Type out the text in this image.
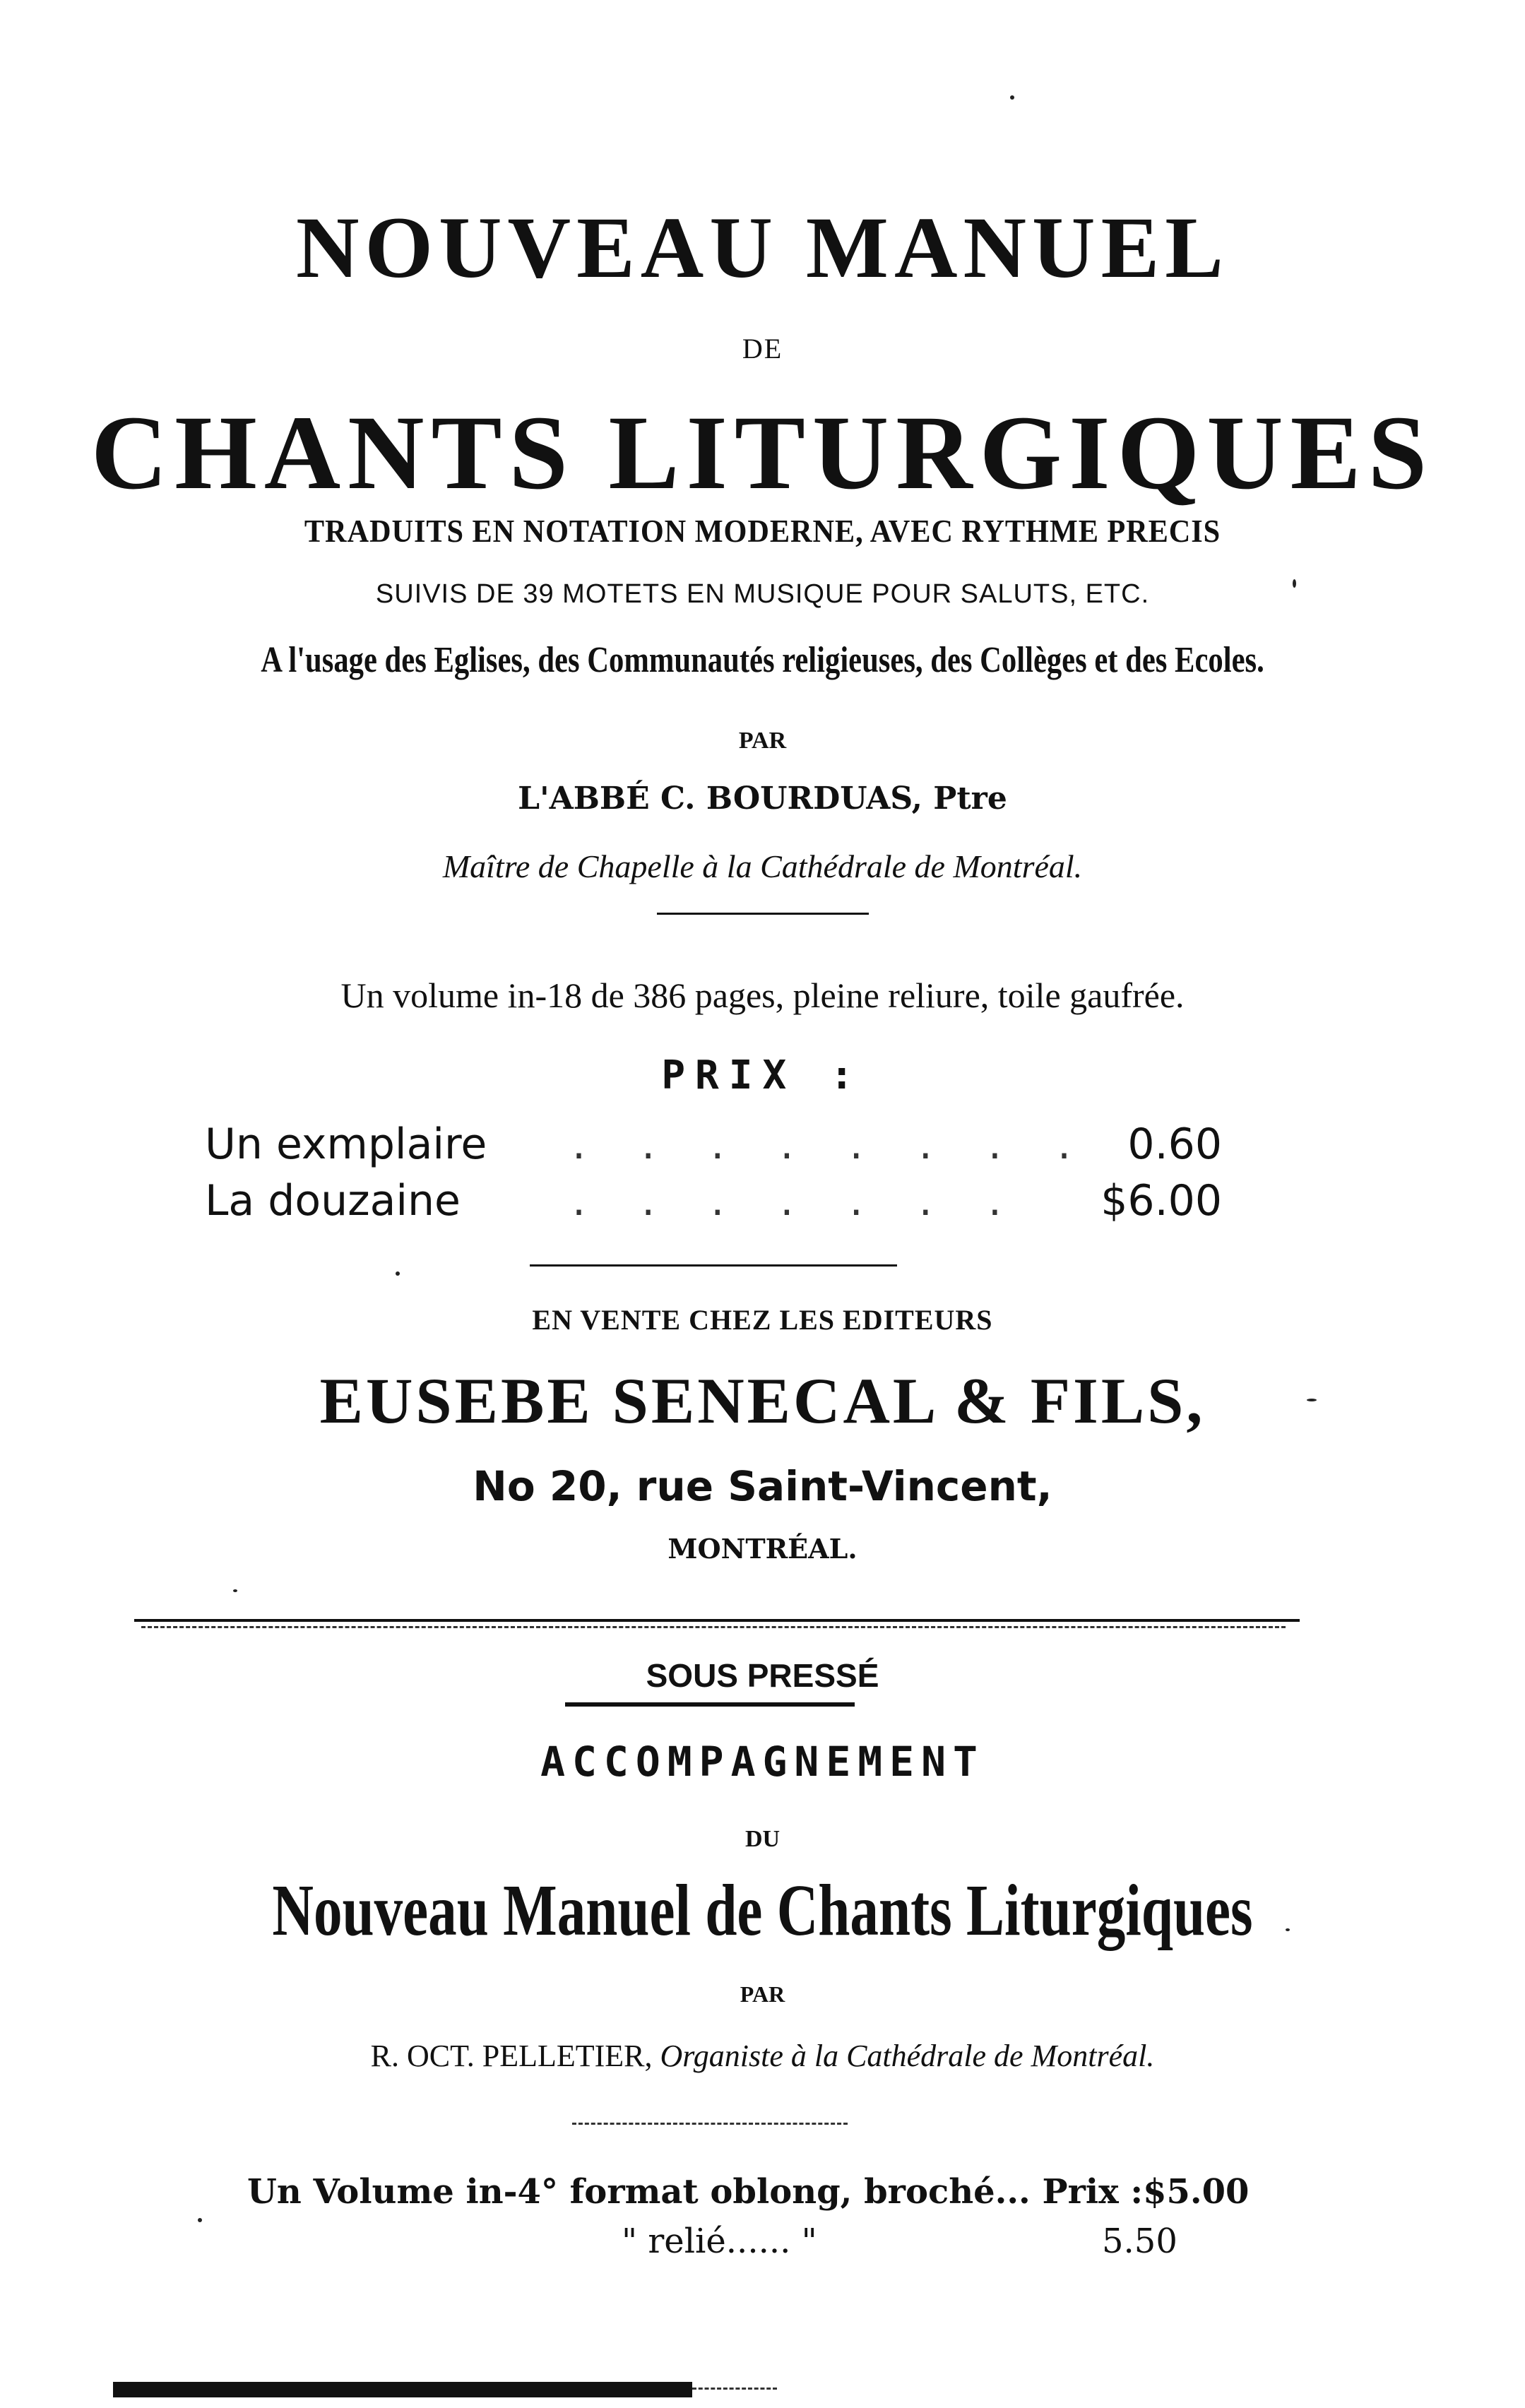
NOUVEAU MANUEL
DE
CHANTS LITURGIQUES
TRADUITS EN NOTATION MODERNE, AVEC RYTHME PRECIS
SUIVIS DE 39 MOTETS EN MUSIQUE POUR SALUTS, ETC.
A l'usage des Eglises, des Communautés religieuses, des Collèges et des Ecoles.
PAR
L'ABBÉ C. BOURDUAS, Ptre
Maître de Chapelle à la Cathédrale de Montréal.
Un volume in-18 de 386 pages, pleine reliure, toile gaufrée.
PRIX :
Un exmplaire . . . . . . . . 0.60
La douzaine	. . . . . . . $6.00
EN VENTE CHEZ LES EDITEURS
EUSEBE SENECAL & FILS,
No 20, rue Saint-Vincent,
MONTRÉAL.
SOUS PRESSÉ
ACCOMPAGNEMENT
DU
Nouveau Manuel de Chants Liturgiques
PAR
R. OCT. PELLETIER, Organiste à la Cathédrale de Montréal.
Un Volume in-4° format oblong, broché... Prix :$5.00
" relié...... "	5.50
